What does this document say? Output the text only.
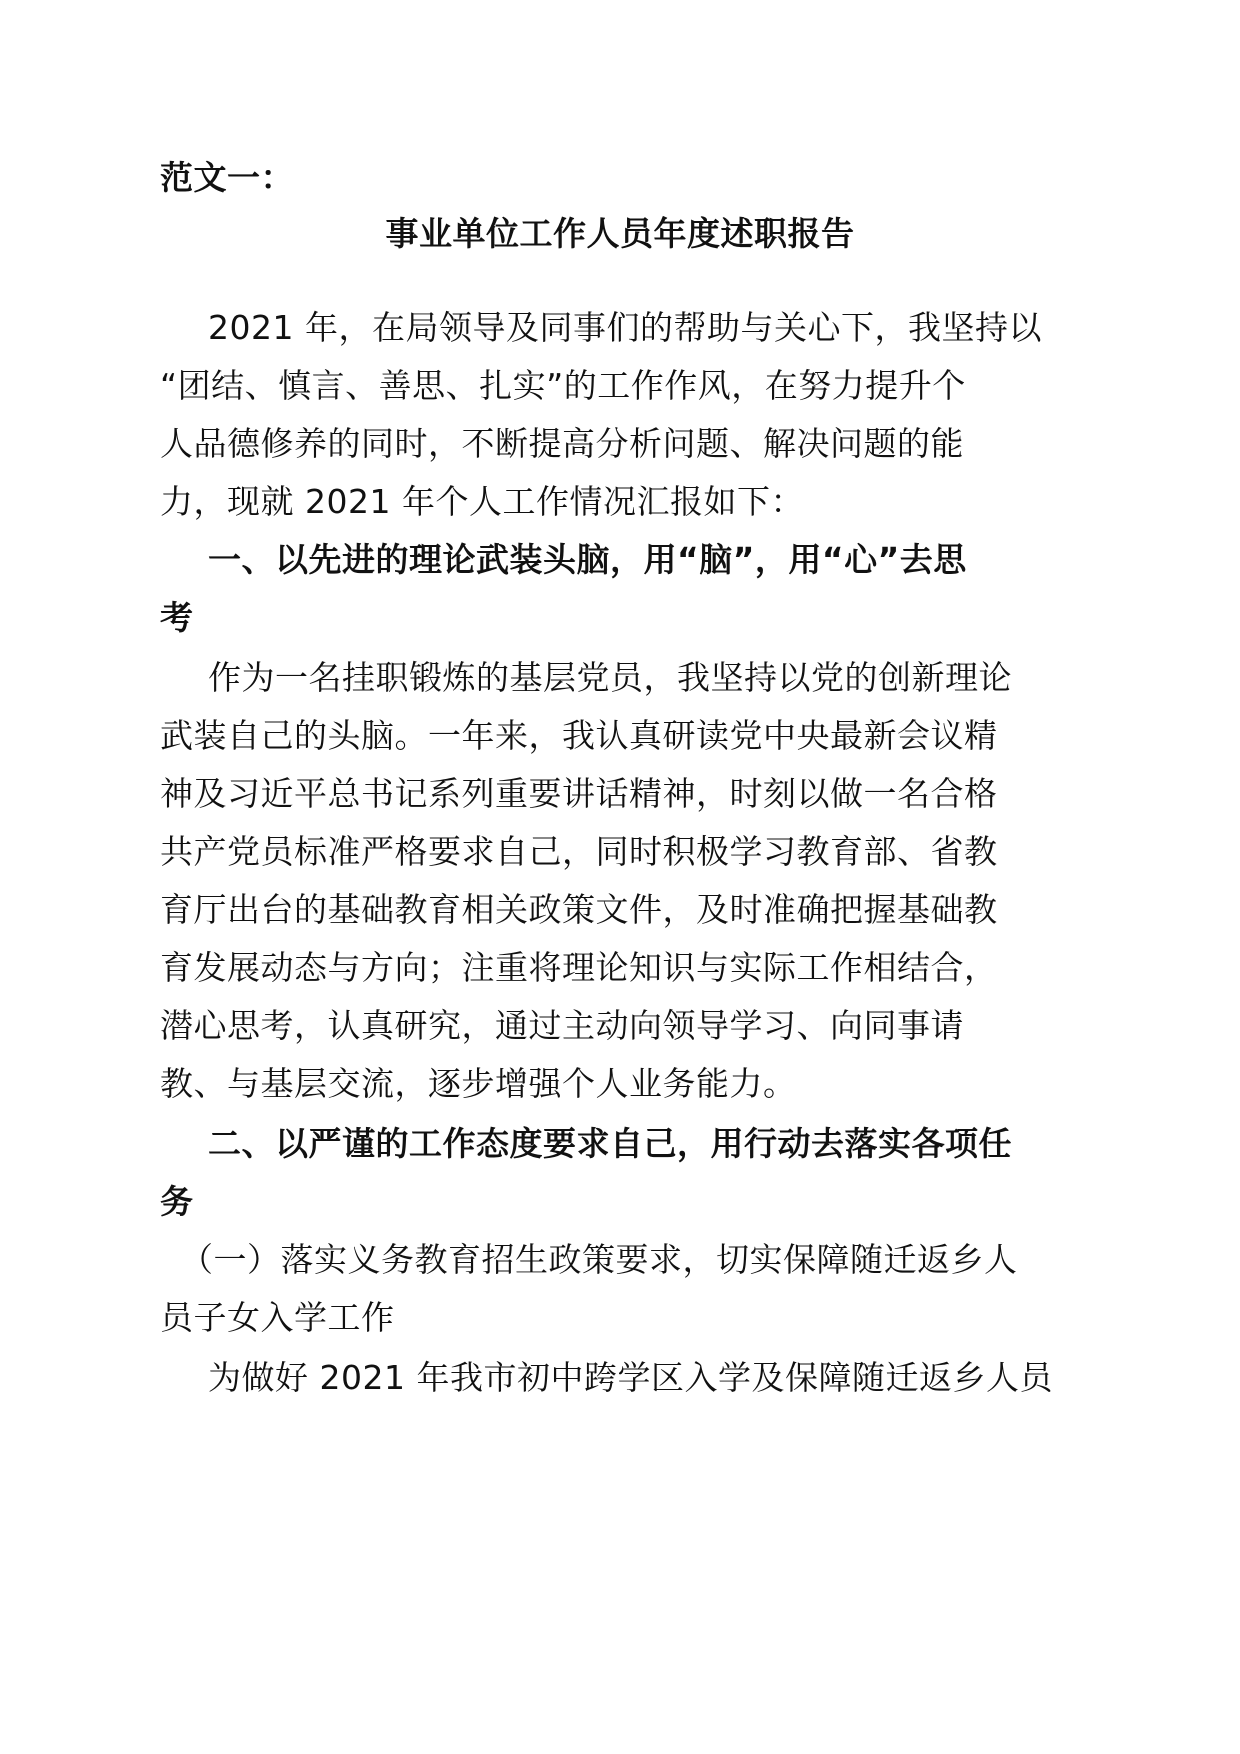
范文一：
事业单位工作人员年度述职报告
2021 年，在局领导及同事们的帮助与关心下，我坚持以
“团结、慎言、善思、扎实”的工作作风，在努力提升个
人品德修养的同时，不断提高分析问题、解决问题的能
力，现就 2021 年个人工作情况汇报如下：
一、以先进的理论武装头脑，用“脑”，用“心”去思
考
作为一名挂职锻炼的基层党员，我坚持以党的创新理论
武装自己的头脑。一年来，我认真研读党中央最新会议精
神及习近平总书记系列重要讲话精神，时刻以做一名合格
共产党员标准严格要求自己，同时积极学习教育部、省教
育厅出台的基础教育相关政策文件，及时准确把握基础教
育发展动态与方向；注重将理论知识与实际工作相结合，
潜心思考，认真研究，通过主动向领导学习、向同事请
教、与基层交流，逐步增强个人业务能力。
二、以严谨的工作态度要求自己，用行动去落实各项任
务
（一）落实义务教育招生政策要求，切实保障随迁返乡人
员子女入学工作
为做好 2021 年我市初中跨学区入学及保障随迁返乡人员
